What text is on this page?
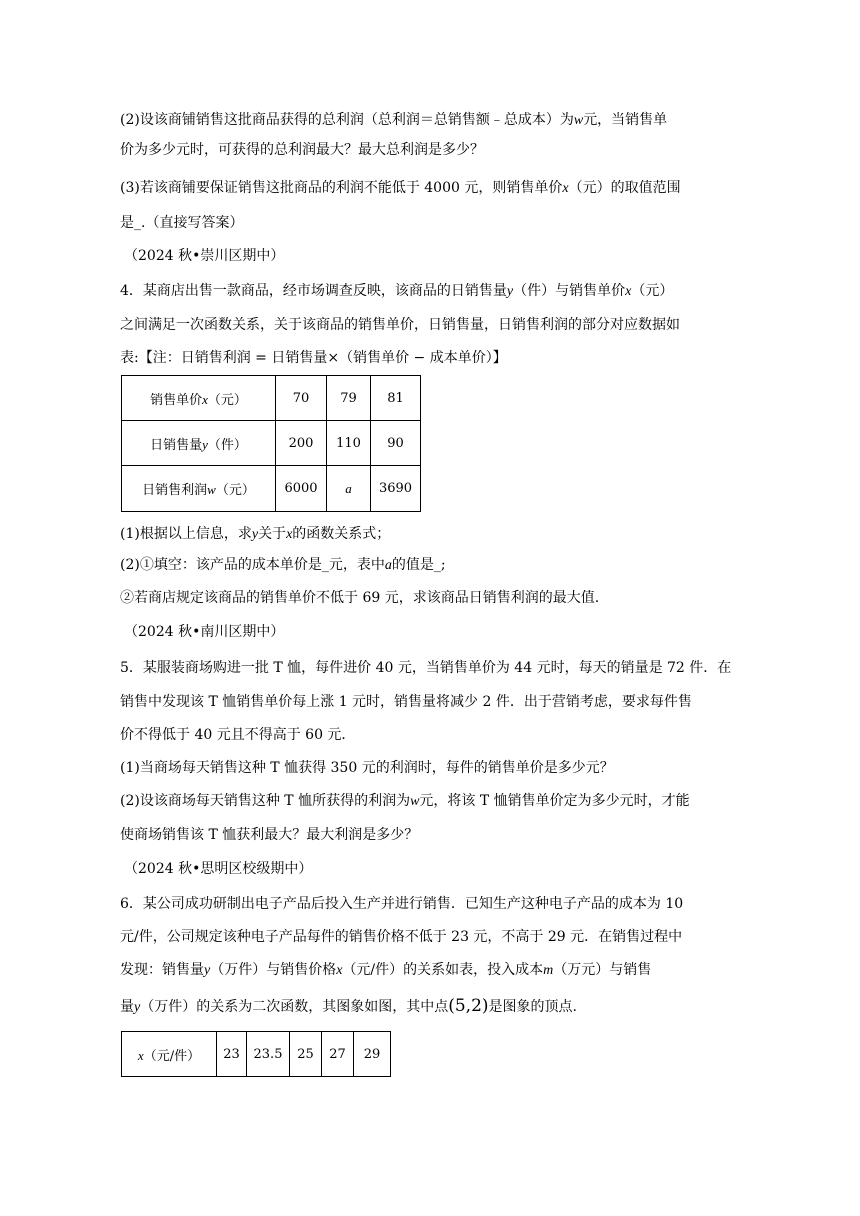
(2)设该商铺销售这批商品获得的总利润（总利润＝总销售额﹣总成本）为w元，当销售单
价为多少元时，可获得的总利润最大？最大总利润是多少？
(3)若该商铺要保证销售这批商品的利润不能低于 4000 元，则销售单价x（元）的取值范围
是_.（直接写答案）
（2024 秋•崇川区期中）
4．某商店出售一款商品，经市场调查反映，该商品的日销售量y（件）与销售单价x（元）
之间满足一次函数关系，关于该商品的销售单价，日销售量，日销售利润的部分对应数据如
表:【注：日销售利润 = 日销售量×（销售单价 − 成本单价）】
销售单价x（元）	70	79	81
日销售量y（件）	200	110	90
日销售利润w（元）	6000	a	3690
(1)根据以上信息，求y关于x的函数关系式；
(2)①填空：该产品的成本单价是_元，表中a的值是_;
②若商店规定该商品的销售单价不低于 69 元，求该商品日销售利润的最大值.
（2024 秋•南川区期中）
5．某服装商场购进一批 T 恤，每件进价 40 元，当销售单价为 44 元时，每天的销量是 72 件．在
销售中发现该 T 恤销售单价每上涨 1 元时，销售量将减少 2 件．出于营销考虑，要求每件售
价不得低于 40 元且不得高于 60 元．
(1)当商场每天销售这种 T 恤获得 350 元的利润时，每件的销售单价是多少元？
(2)设该商场每天销售这种 T 恤所获得的利润为w元，将该 T 恤销售单价定为多少元时，才能
使商场销售该 T 恤获利最大？最大利润是多少？
（2024 秋•思明区校级期中）
6．某公司成功研制出电子产品后投入生产并进行销售．已知生产这种电子产品的成本为 10
元/件，公司规定该种电子产品每件的销售价格不低于 23 元，不高于 29 元．在销售过程中
发现：销售量y（万件）与销售价格x（元/件）的关系如表，投入成本m（万元）与销售
量y（万件）的关系为二次函数，其图象如图，其中点(5,2)是图象的顶点.
x（元/件）	23	23.5	25	27	29
